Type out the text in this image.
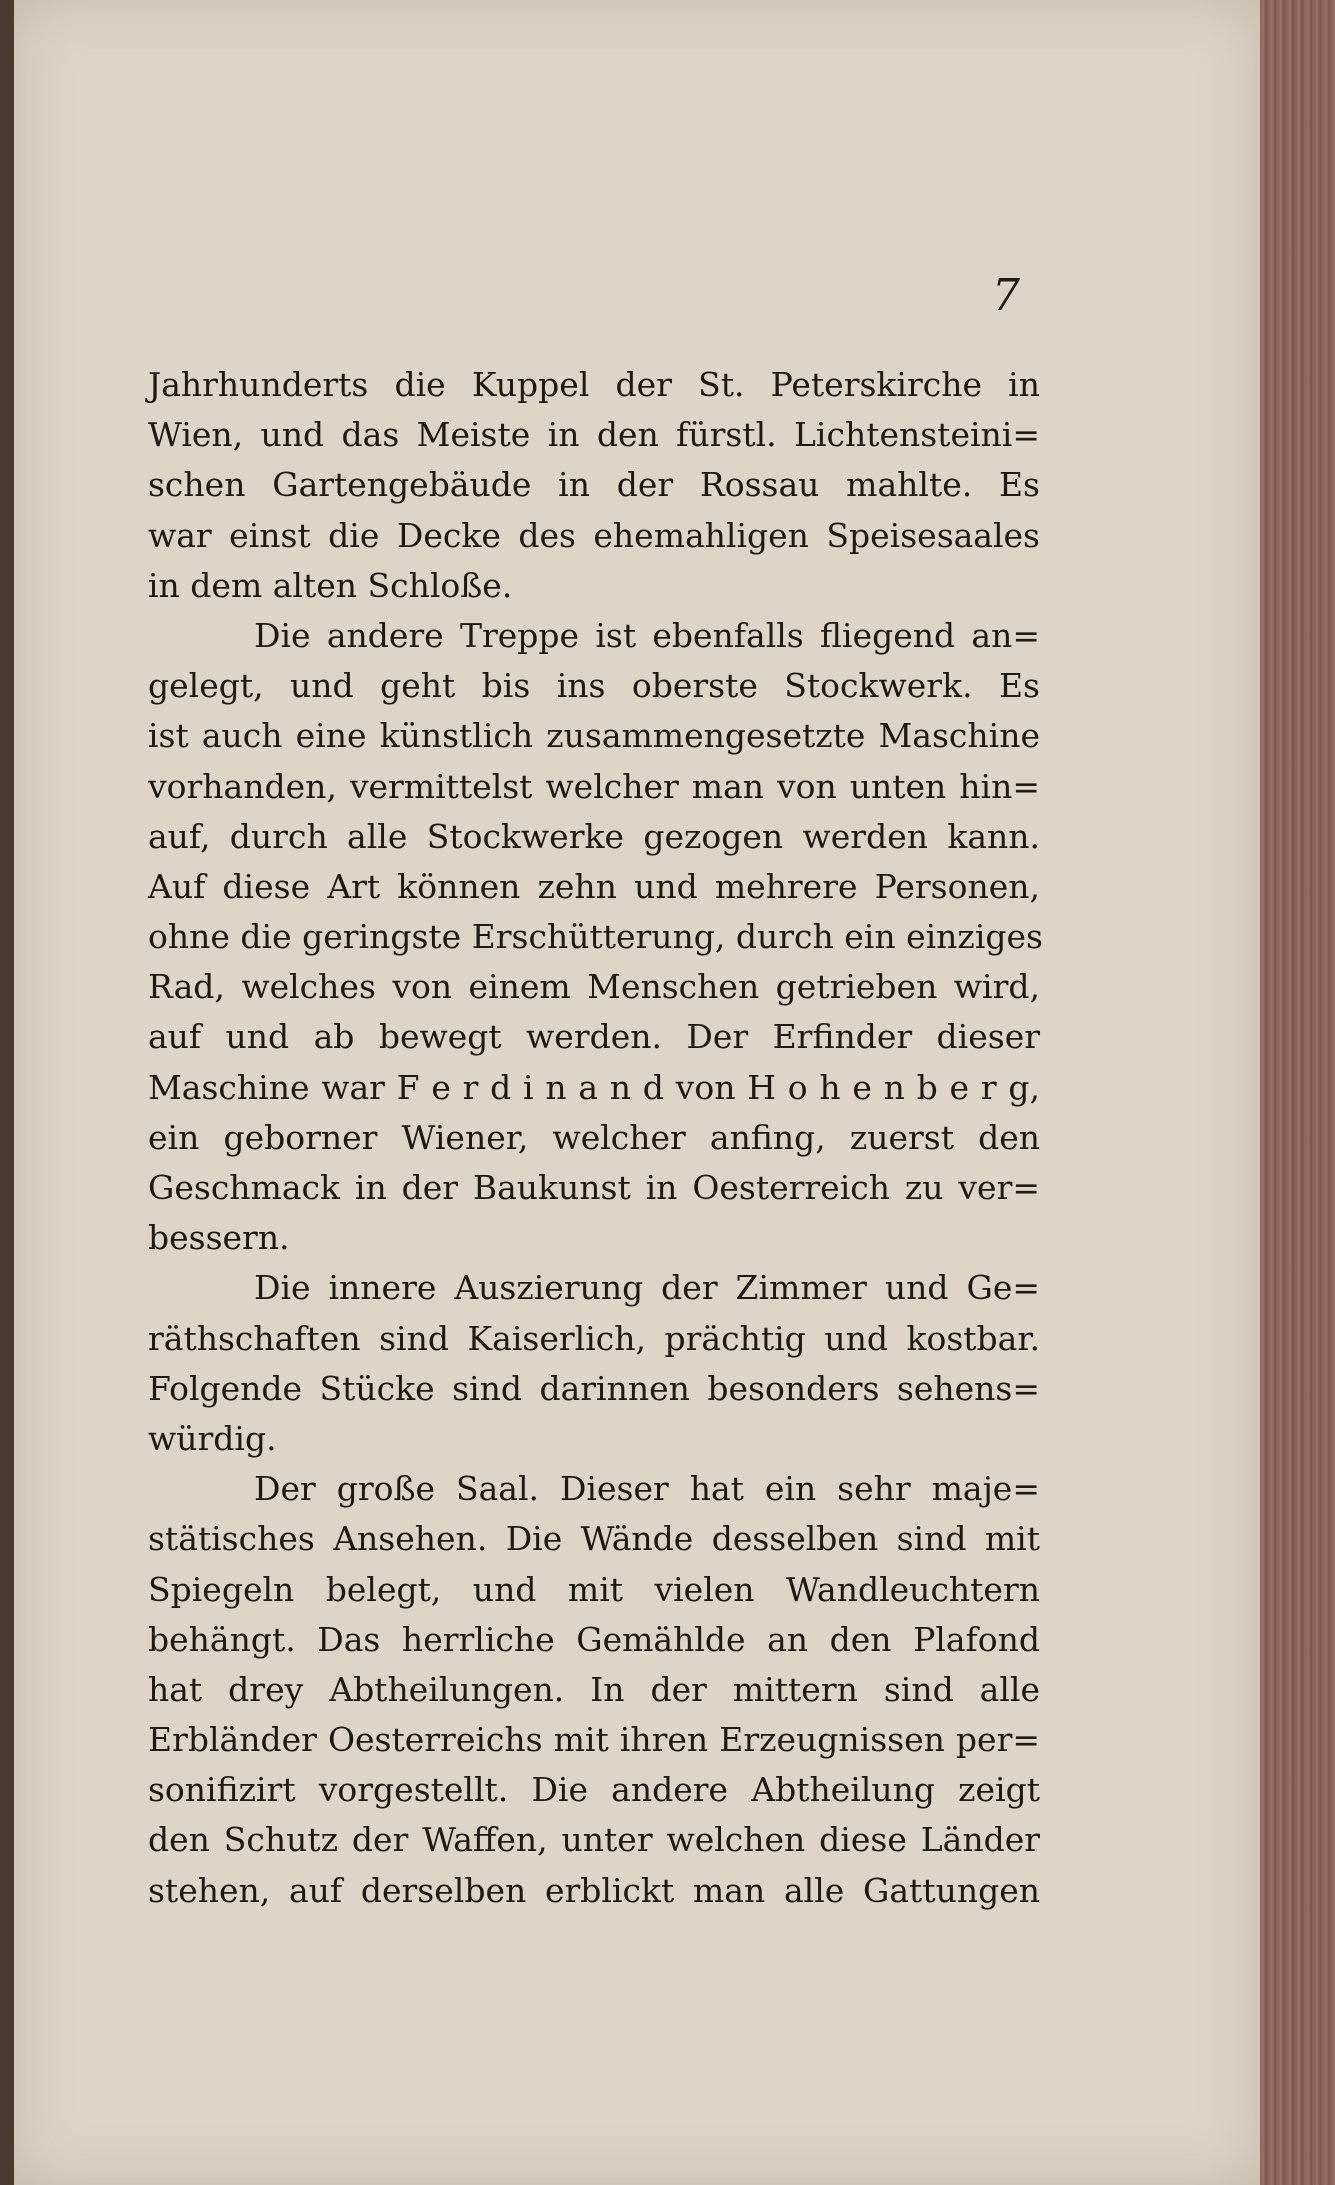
7
Jahrhunderts die Kuppel der St. Peterskirche in
Wien, und das Meiste in den fürstl. Lichtensteini=
schen Gartengebäude in der Rossau mahlte. Es
war einst die Decke des ehemahligen Speisesaales
in dem alten Schloße.
Die andere Treppe ist ebenfalls fliegend an=
gelegt, und geht bis ins oberste Stockwerk. Es
ist auch eine künstlich zusammengesetzte Maschine
vorhanden, vermittelst welcher man von unten hin=
auf, durch alle Stockwerke gezogen werden kann.
Auf diese Art können zehn und mehrere Personen,
ohne die geringste Erschütterung, durch ein einziges
Rad, welches von einem Menschen getrieben wird,
auf und ab bewegt werden. Der Erfinder dieser
Maschine war F e r d i n a n d von H o h e n b e r g,
ein geborner Wiener, welcher anfing, zuerst den
Geschmack in der Baukunst in Oesterreich zu ver=
bessern.
Die innere Auszierung der Zimmer und Ge=
räthschaften sind Kaiserlich, prächtig und kostbar.
Folgende Stücke sind darinnen besonders sehens=
würdig.
Der große Saal. Dieser hat ein sehr maje=
stätisches Ansehen. Die Wände desselben sind mit
Spiegeln belegt, und mit vielen Wandleuchtern
behängt. Das herrliche Gemählde an den Plafond
hat drey Abtheilungen. In der mittern sind alle
Erbländer Oesterreichs mit ihren Erzeugnissen per=
sonifizirt vorgestellt. Die andere Abtheilung zeigt
den Schutz der Waffen, unter welchen diese Länder
stehen, auf derselben erblickt man alle Gattungen
